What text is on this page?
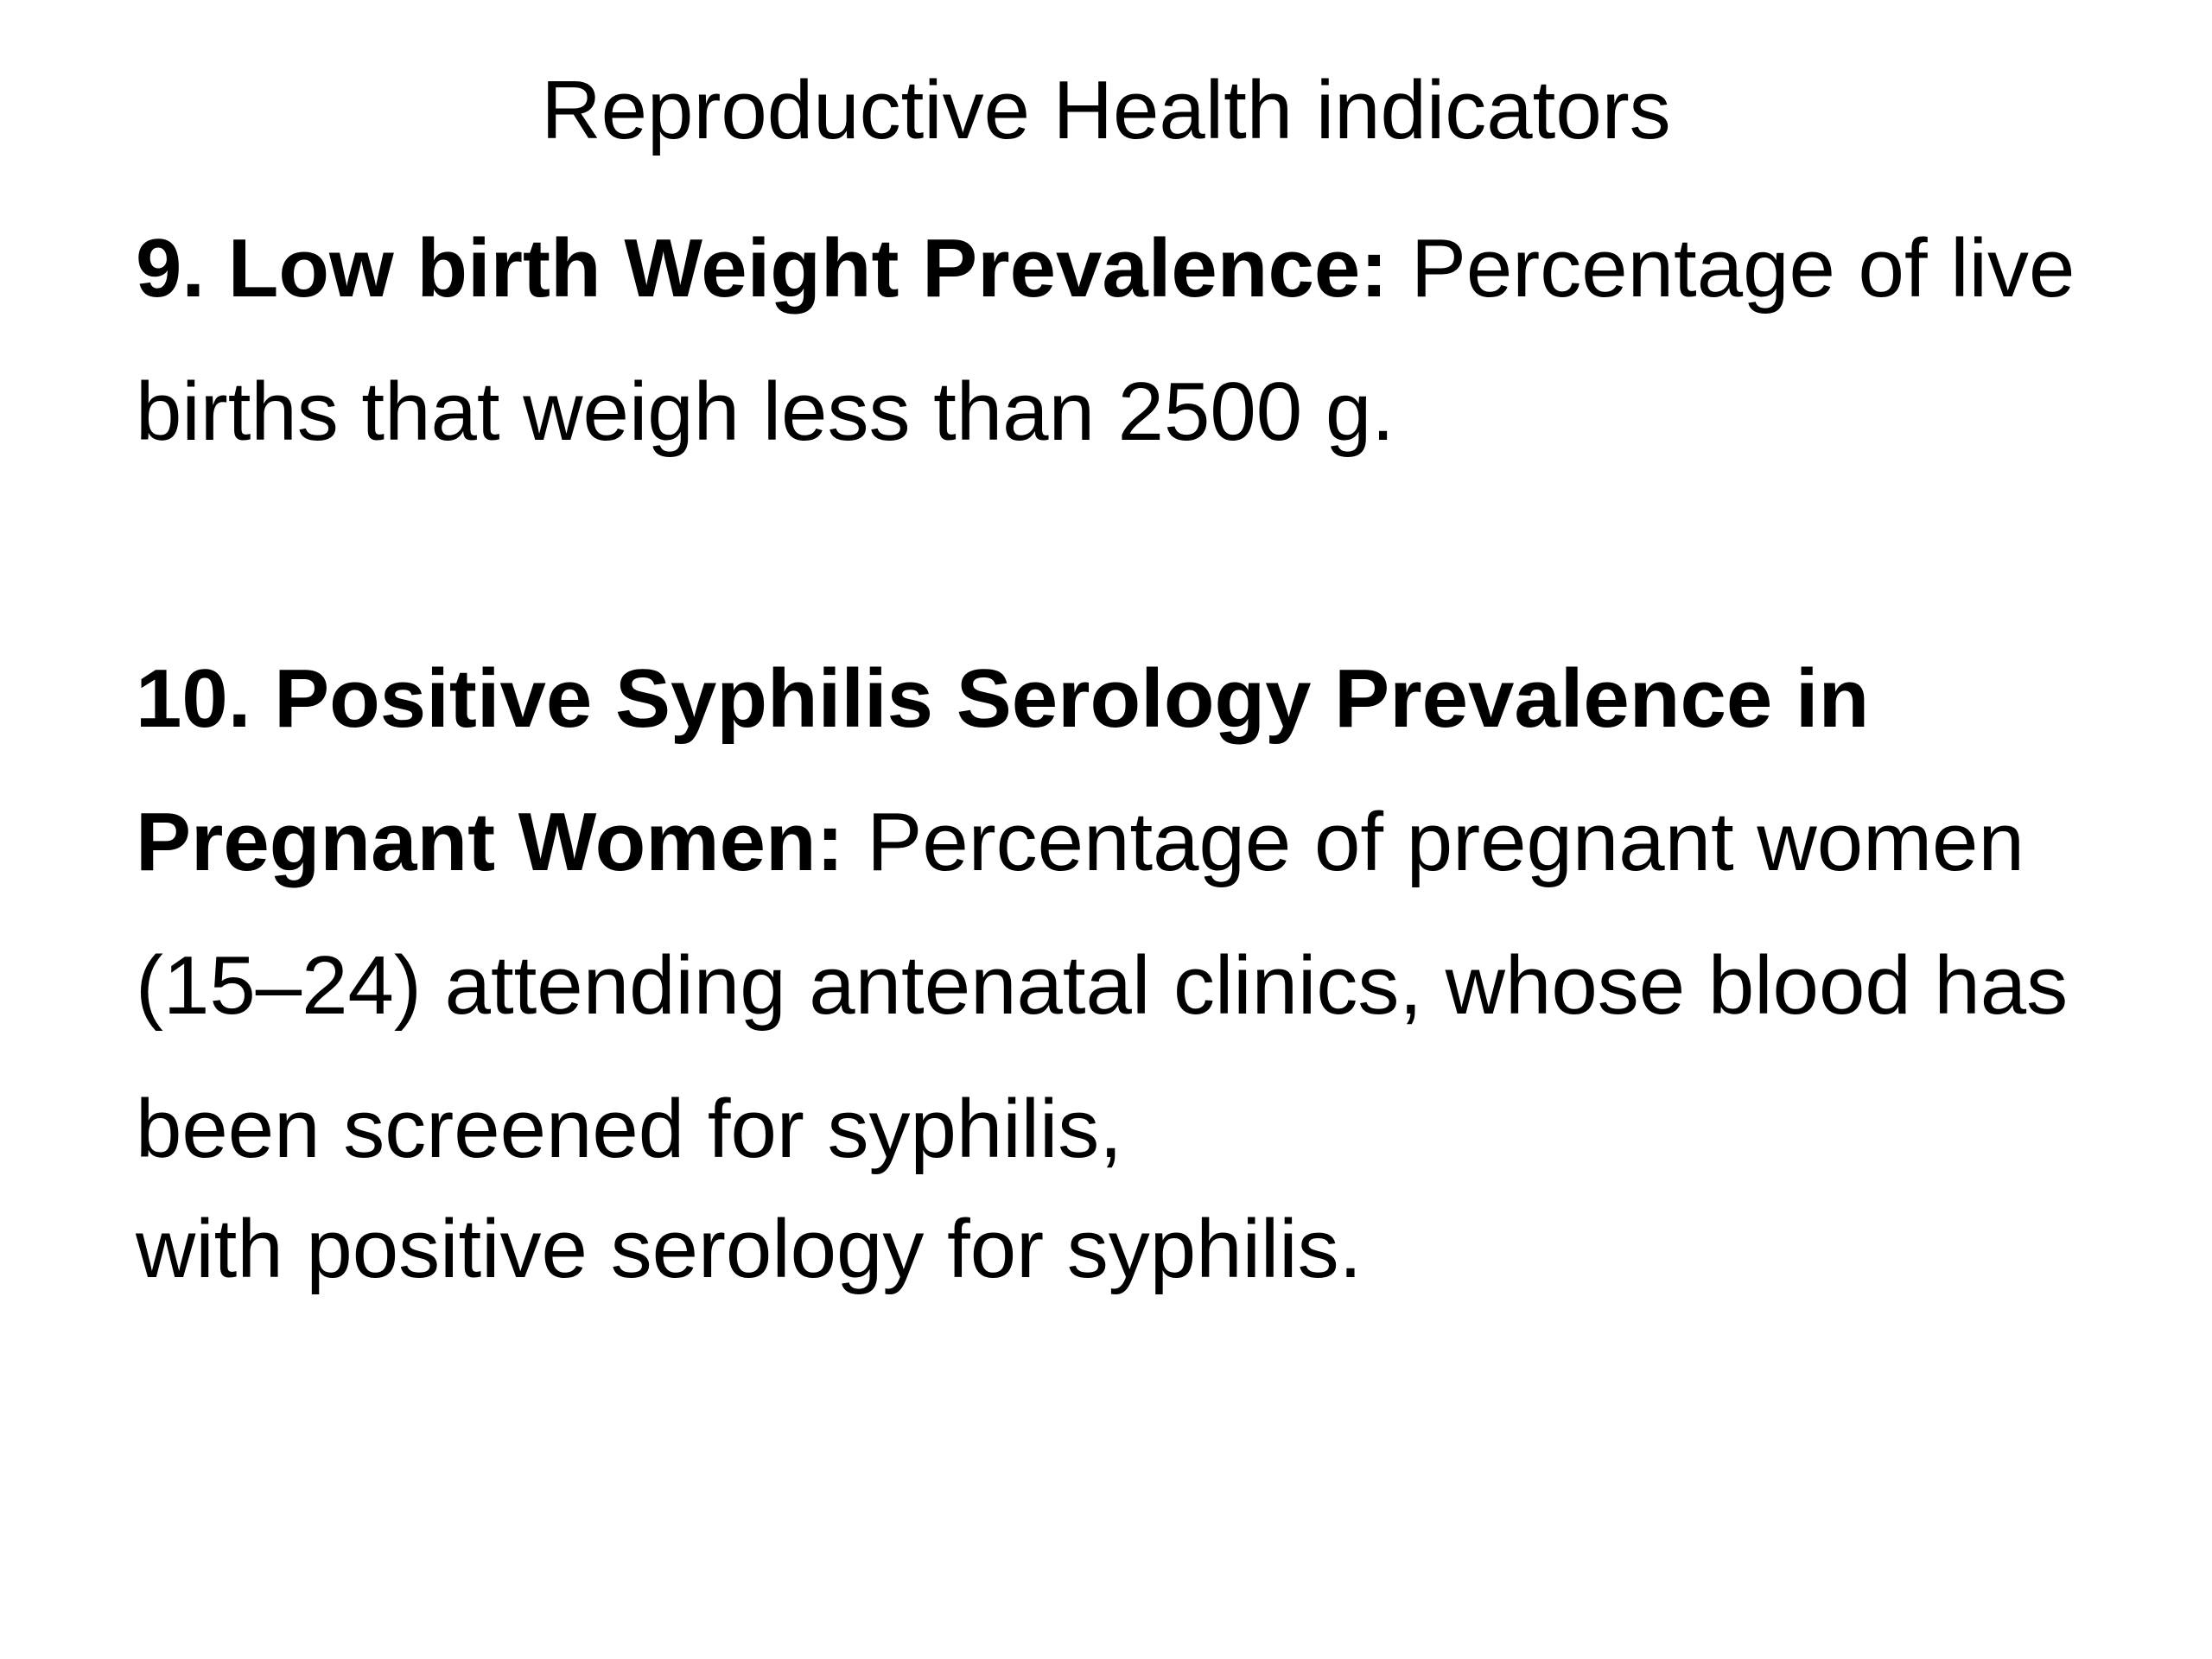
Reproductive Health indicators

9. Low birth Weight Prevalence: Percentage of live births that weigh less than 2500 g.

10. Positive Syphilis Serology Prevalence in Pregnant Women: Percentage of pregnant women (15–24) attending antenatal clinics, whose blood has been screened for syphilis,
with positive serology for syphilis.
